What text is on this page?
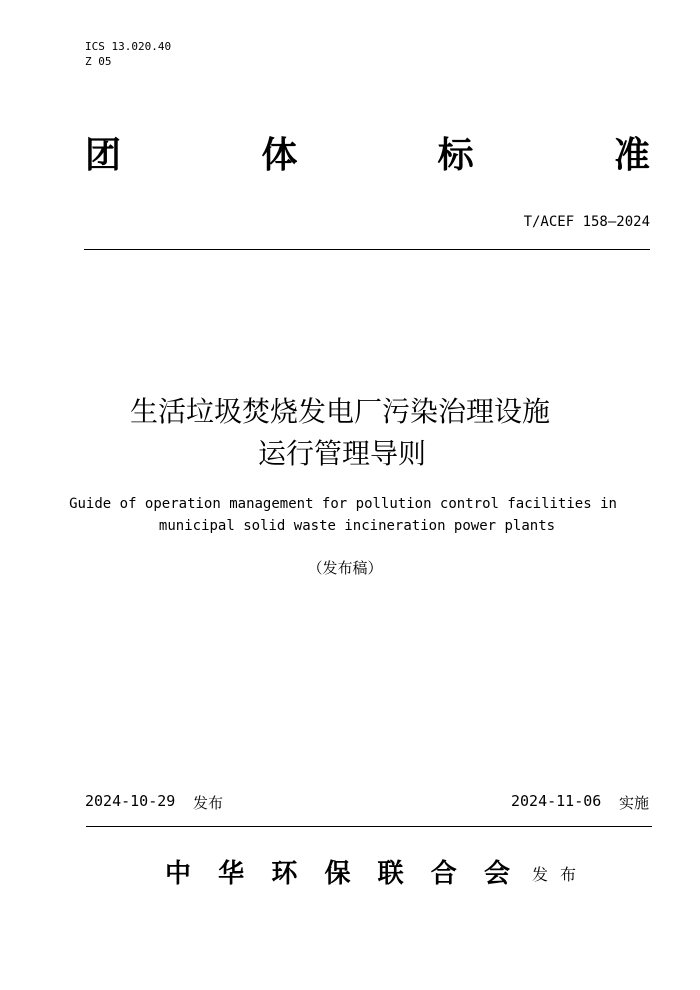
ICS 13.020.40
Z 05
团	体	标	准
T/ACEF 158—2024
生活垃圾焚烧发电厂污染治理设施
运行管理导则
Guide of operation management for pollution control facilities in
municipal solid waste incineration power plants
（发布稿）
2024-10-29 发布	2024-11-06 实施
中 华 环 保 联 合 会 发 布
